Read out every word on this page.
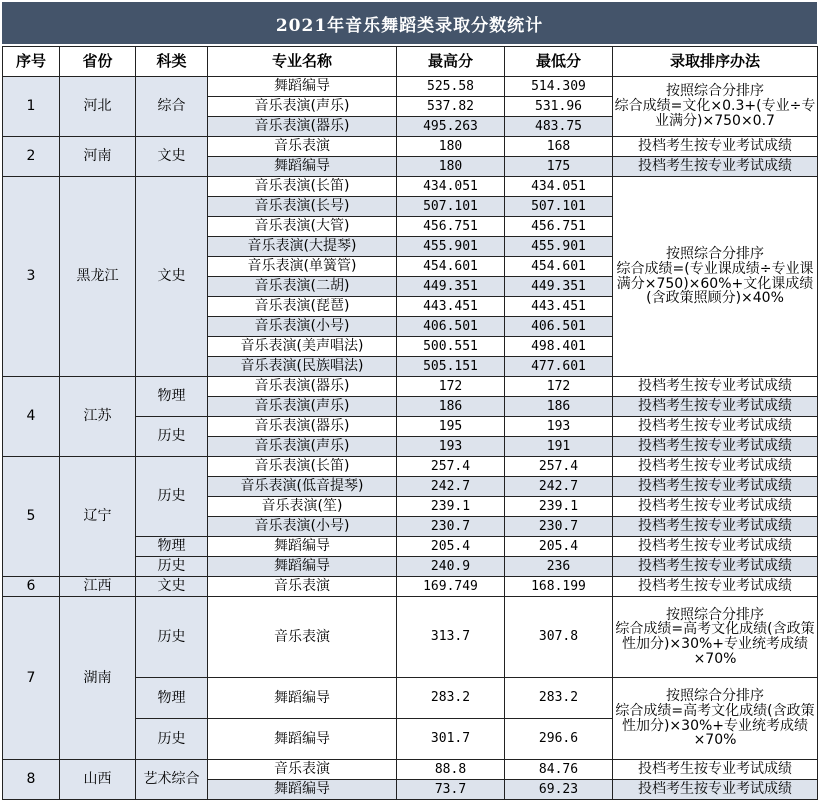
2021年音乐舞蹈类录取分数统计
序号	省份	科类	专业名称	最高分	最低分	录取排序办法
1	河北	综合	舞蹈编导	525.58	514.309	按照综合分排序
综合成绩=文化×0.3+(专业÷专业满分)×750×0.7
			音乐表演(声乐)	537.82	531.96	
			音乐表演(器乐)	495.263	483.75	
2	河南	文史	音乐表演	180	168	投档考生按专业考试成绩
			舞蹈编导	180	175	投档考生按专业考试成绩
3	黑龙江	文史	音乐表演(长笛)	434.051	434.051	按照综合分排序
综合成绩=(专业课成绩÷专业课满分×750)×60%+文化课成绩(含政策照顾分)×40%
			音乐表演(长号)	507.101	507.101	
			音乐表演(大管)	456.751	456.751	
			音乐表演(大提琴)	455.901	455.901	
			音乐表演(单簧管)	454.601	454.601	
			音乐表演(二胡)	449.351	449.351	
			音乐表演(琵琶)	443.451	443.451	
			音乐表演(小号)	406.501	406.501	
			音乐表演(美声唱法)	500.551	498.401	
			音乐表演(民族唱法)	505.151	477.601	
4	江苏	物理	音乐表演(器乐)	172	172	投档考生按专业考试成绩
			音乐表演(声乐)	186	186	投档考生按专业考试成绩
		历史	音乐表演(器乐)	195	193	投档考生按专业考试成绩
			音乐表演(声乐)	193	191	投档考生按专业考试成绩
5	辽宁	历史	音乐表演(长笛)	257.4	257.4	投档考生按专业考试成绩
			音乐表演(低音提琴)	242.7	242.7	投档考生按专业考试成绩
			音乐表演(笙)	239.1	239.1	投档考生按专业考试成绩
			音乐表演(小号)	230.7	230.7	投档考生按专业考试成绩
		物理	舞蹈编导	205.4	205.4	投档考生按专业考试成绩
		历史	舞蹈编导	240.9	236	投档考生按专业考试成绩
6	江西	文史	音乐表演	169.749	168.199	投档考生按专业考试成绩
7	湖南	历史	音乐表演	313.7	307.8	按照综合分排序
综合成绩=高考文化成绩(含政策性加分)×30%+专业统考成绩×70%
		物理	舞蹈编导	283.2	283.2	按照综合分排序
综合成绩=高考文化成绩(含政策性加分)×30%+专业统考成绩×70%
		历史	舞蹈编导	301.7	296.6	
8	山西	艺术综合	音乐表演	88.8	84.76	投档考生按专业考试成绩
			舞蹈编导	73.7	69.23	投档考生按专业考试成绩
